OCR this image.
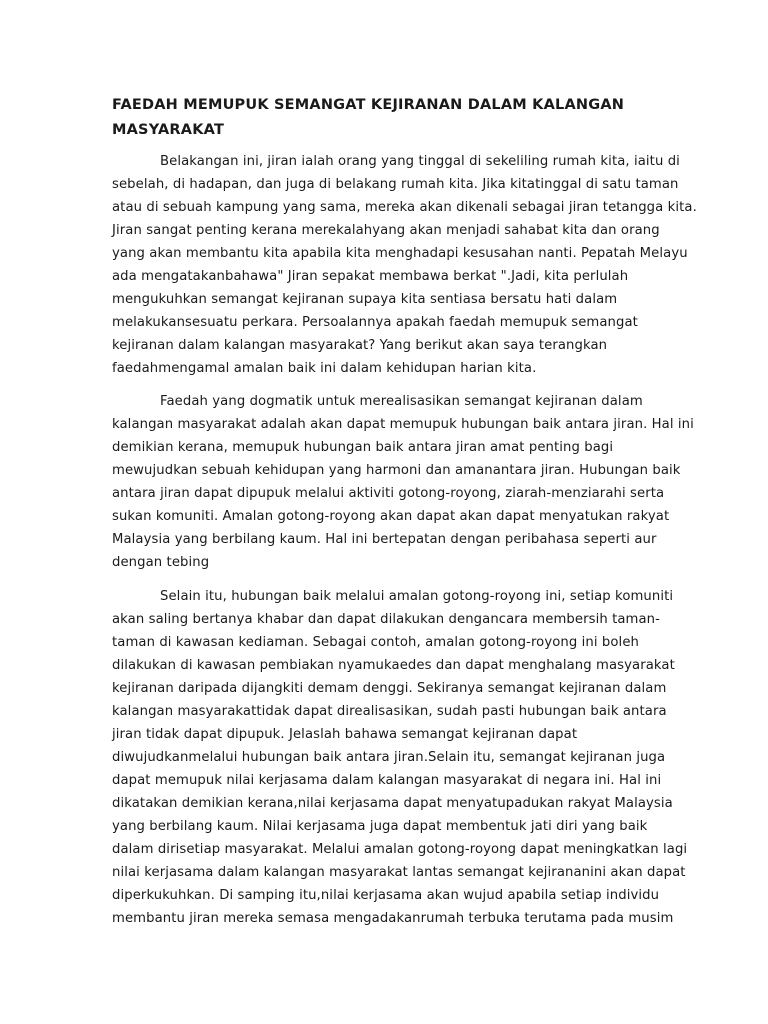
FAEDAH MEMUPUK SEMANGAT KEJIRANAN DALAM KALANGAN
MASYARAKAT
Belakangan ini, jiran ialah orang yang tinggal di sekeliling rumah kita, iaitu di
sebelah, di hadapan, dan juga di belakang rumah kita. Jika kitatinggal di satu taman
atau di sebuah kampung yang sama, mereka akan dikenali sebagai jiran tetangga kita.
Jiran sangat penting kerana merekalahyang akan menjadi sahabat kita dan orang
yang akan membantu kita apabila kita menghadapi kesusahan nanti. Pepatah Melayu
ada mengatakanbahawa" Jiran sepakat membawa berkat ".Jadi, kita perlulah
mengukuhkan semangat kejiranan supaya kita sentiasa bersatu hati dalam
melakukansesuatu perkara. Persoalannya apakah faedah memupuk semangat
kejiranan dalam kalangan masyarakat? Yang berikut akan saya terangkan
faedahmengamal amalan baik ini dalam kehidupan harian kita.
Faedah yang dogmatik untuk merealisasikan semangat kejiranan dalam
kalangan masyarakat adalah akan dapat memupuk hubungan baik antara jiran. Hal ini
demikian kerana, memupuk hubungan baik antara jiran amat penting bagi
mewujudkan sebuah kehidupan yang harmoni dan amanantara jiran. Hubungan baik
antara jiran dapat dipupuk melalui aktiviti gotong-royong, ziarah-menziarahi serta
sukan komuniti. Amalan gotong-royong akan dapat akan dapat menyatukan rakyat
Malaysia yang berbilang kaum. Hal ini bertepatan dengan peribahasa seperti aur
dengan tebing
Selain itu, hubungan baik melalui amalan gotong-royong ini, setiap komuniti
akan saling bertanya khabar dan dapat dilakukan dengancara membersih taman-
taman di kawasan kediaman. Sebagai contoh, amalan gotong-royong ini boleh
dilakukan di kawasan pembiakan nyamukaedes dan dapat menghalang masyarakat
kejiranan daripada dijangkiti demam denggi. Sekiranya semangat kejiranan dalam
kalangan masyarakattidak dapat direalisasikan, sudah pasti hubungan baik antara
jiran tidak dapat dipupuk. Jelaslah bahawa semangat kejiranan dapat
diwujudkanmelalui hubungan baik antara jiran.Selain itu, semangat kejiranan juga
dapat memupuk nilai kerjasama dalam kalangan masyarakat di negara ini. Hal ini
dikatakan demikian kerana,nilai kerjasama dapat menyatupadukan rakyat Malaysia
yang berbilang kaum. Nilai kerjasama juga dapat membentuk jati diri yang baik
dalam dirisetiap masyarakat. Melalui amalan gotong-royong dapat meningkatkan lagi
nilai kerjasama dalam kalangan masyarakat lantas semangat kejirananini akan dapat
diperkukuhkan. Di samping itu,nilai kerjasama akan wujud apabila setiap individu
membantu jiran mereka semasa mengadakanrumah terbuka terutama pada musim
